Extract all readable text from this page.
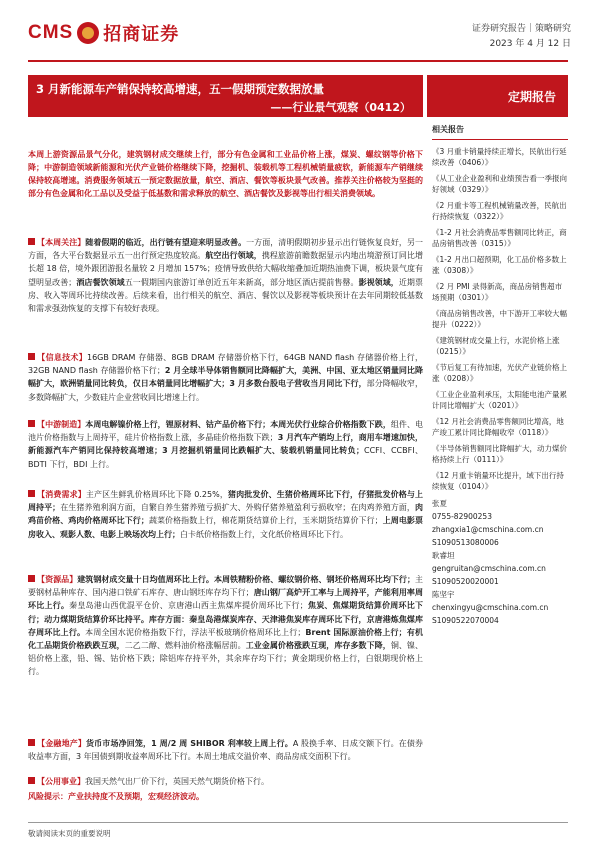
CMS 招商证券	证券研究报告｜策略研究
2023 年 4 月 12 日
3 月新能源车产销保持较高增速，五一假期预定数据放量
——行业景气观察（0412）
定期报告
本周上游资源品景气分化，建筑钢材成交继续上行，部分有色金属和工业品价格上涨，煤炭、螺纹钢等价格下降；中游制造领域新能源和光伏产业链价格继续下降，挖掘机、装载机等工程机械销量疲软，新能源车产销继续保持较高增速。消费服务领域五一预定数据放量，航空、酒店、餐饮等板块景气改善。推荐关注价格较为坚挺的部分有色金属和化工品以及受益于低基数和需求释放的航空、酒店餐饮及影视等出行相关消费领域。
【本周关注】随着假期的临近，出行链有望迎来明显改善。一方面，清明假期初步显示出行链恢复良好，另一方面，各大平台数据显示五一出行预定热度较高。航空出行领域，携程旅游前瞻数据显示内地出境游预订同比增长超 18 倍，境外跟团游报名量较 2 月增加 157%；疫情导致供给大幅收缩叠加近期热油费下调，板块景气度有望明显改善；酒店餐饮领域五一假期国内旅游订单创近五年来新高，部分地区酒店提前售罄。影视领域，近期票房、收入等周环比持续改善。后续来看，出行相关的航空、酒店、餐饮以及影视等板块预计在去年同期较低基数和需求强劲恢复的支撑下有较好表现。
【信息技术】16GB DRAM 存储器、8GB DRAM 存储器价格下行，64GB NAND flash 存储器价格上行，32GB NAND flash 存储器价格下行；2 月全球半导体销售额同比降幅扩大，美洲、中国、亚太地区销量同比降幅扩大，欧洲销量同比转负，仅日本销量同比增幅扩大；3 月多数台股电子营收当月同比下行，部分降幅收窄，多数降幅扩大，少数硅片企业营收同比增速上行。
【中游制造】本周电解镍价格上行，锂原材料、钴产品价格下行；本周光伏行业综合价格指数下跌，组件、电池片价格指数与上周持平，硅片价格指数上涨，多晶硅价格指数下跌；3 月汽车产销均上行，商用车增速加快，新能源汽车产销同比保持较高增速；3 月挖掘机销量同比跌幅扩大、装载机销量同比转负；CCFI、CCBFI、BDTI 下行，BDI 上行。
【消费需求】主产区生鲜乳价格周环比下降 0.25%，猪肉批发价、生猪价格周环比下行，仔猪批发价格与上周持平；在生猪养殖利润方面，自繁自养生猪养殖亏损扩大、外购仔猪养殖盈利亏损收窄；在肉鸡养殖方面，肉鸡苗价格、鸡肉价格周环比下行；蔬菜价格指数上行，棉花期货结算价上行，玉米期货结算价下行；上周电影票房收入、观影人数、电影上映场次均上行；白卡纸价格指数上行，文化纸价格周环比下行。
【资源品】建筑钢材成交量十日均值周环比上行。本周铁精粉价格、螺纹钢价格、钢坯价格周环比均下行；主要钢材品种库存、国内港口铁矿石库存、唐山钢坯库存均下行；唐山钢厂高炉开工率与上周持平，产能利用率周环比上行。秦皇岛港山西优混平仓价、京唐港山西主焦煤库提价周环比下行；焦炭、焦煤期货结算价周环比下行；动力煤期货结算价环比持平。库存方面：秦皇岛港煤炭库存、天津港焦炭库存周环比下行，京唐港炼焦煤库存周环比上行。本周全国水泥价格指数下行，浮法平板玻璃价格周环比上行；Brent 国际原油价格上行；有机化工品期货价格跌跌互现，二乙二醇、燃料油价格涨幅居前。工业金属价格涨跌互现，库存多数下降，铜、镍、铝价格上涨，铅、锡、钴价格下跌；除铝库存持平外，其余库存均下行；黄金期现价格上行，白银期现价格上行。
【金融地产】货币市场净回笼，1 周/2 周 SHIBOR 利率较上周上行。A 股换手率、日成交额下行。在债券收益率方面，3 年国债到期收益率周环比下行。本周土地成交溢价率、商品房成交面积下行。
【公用事业】我国天然气出厂价下行，英国天然气期货价格下行。
风险提示：产业扶持度不及预期，宏观经济波动。
相关报告
《3 月重卡销量持续正增长，民航出行延续改善（0406）》
《从工业企业盈利和业绩预告看一季报向好领域（0329）》
《2 月重卡等工程机械销量改善，民航出行持续恢复（0322）》
《1-2 月社会消费品零售额同比转正，商品房销售改善（0315）》
《1-2 月出口超预期，化工品价格多数上涨（0308）》
《2 月 PMI 录得新高，商品房销售超市场预期（0301）》
《商品房销售改善，中下游开工率较大幅提升（0222）》
《建筑钢材成交量上行，水泥价格上涨（0215）》
《节后复工有待加速，光伏产业链价格上涨（0208）》
《工业企业盈利承压，太阳能电池产量累计同比增幅扩大（0201）》
《12 月社会消费品零售额同比增高，地产竣工累计同比降幅收窄（0118）》
《半导体销售额同比降幅扩大，动力煤价格持续上行（0111）》
《12 月重卡销量环比提升，域下出行持续恢复（0104）》
张夏
0755-82900253
zhangxia1@cmschina.com.cn
S1090513080006
耿睿坦
gengruitan@cmschina.com.cn
S1090520020001
陈坚宇
chenxingyu@cmschina.com.cn
S1090522070004
敬请阅读末页的重要说明
